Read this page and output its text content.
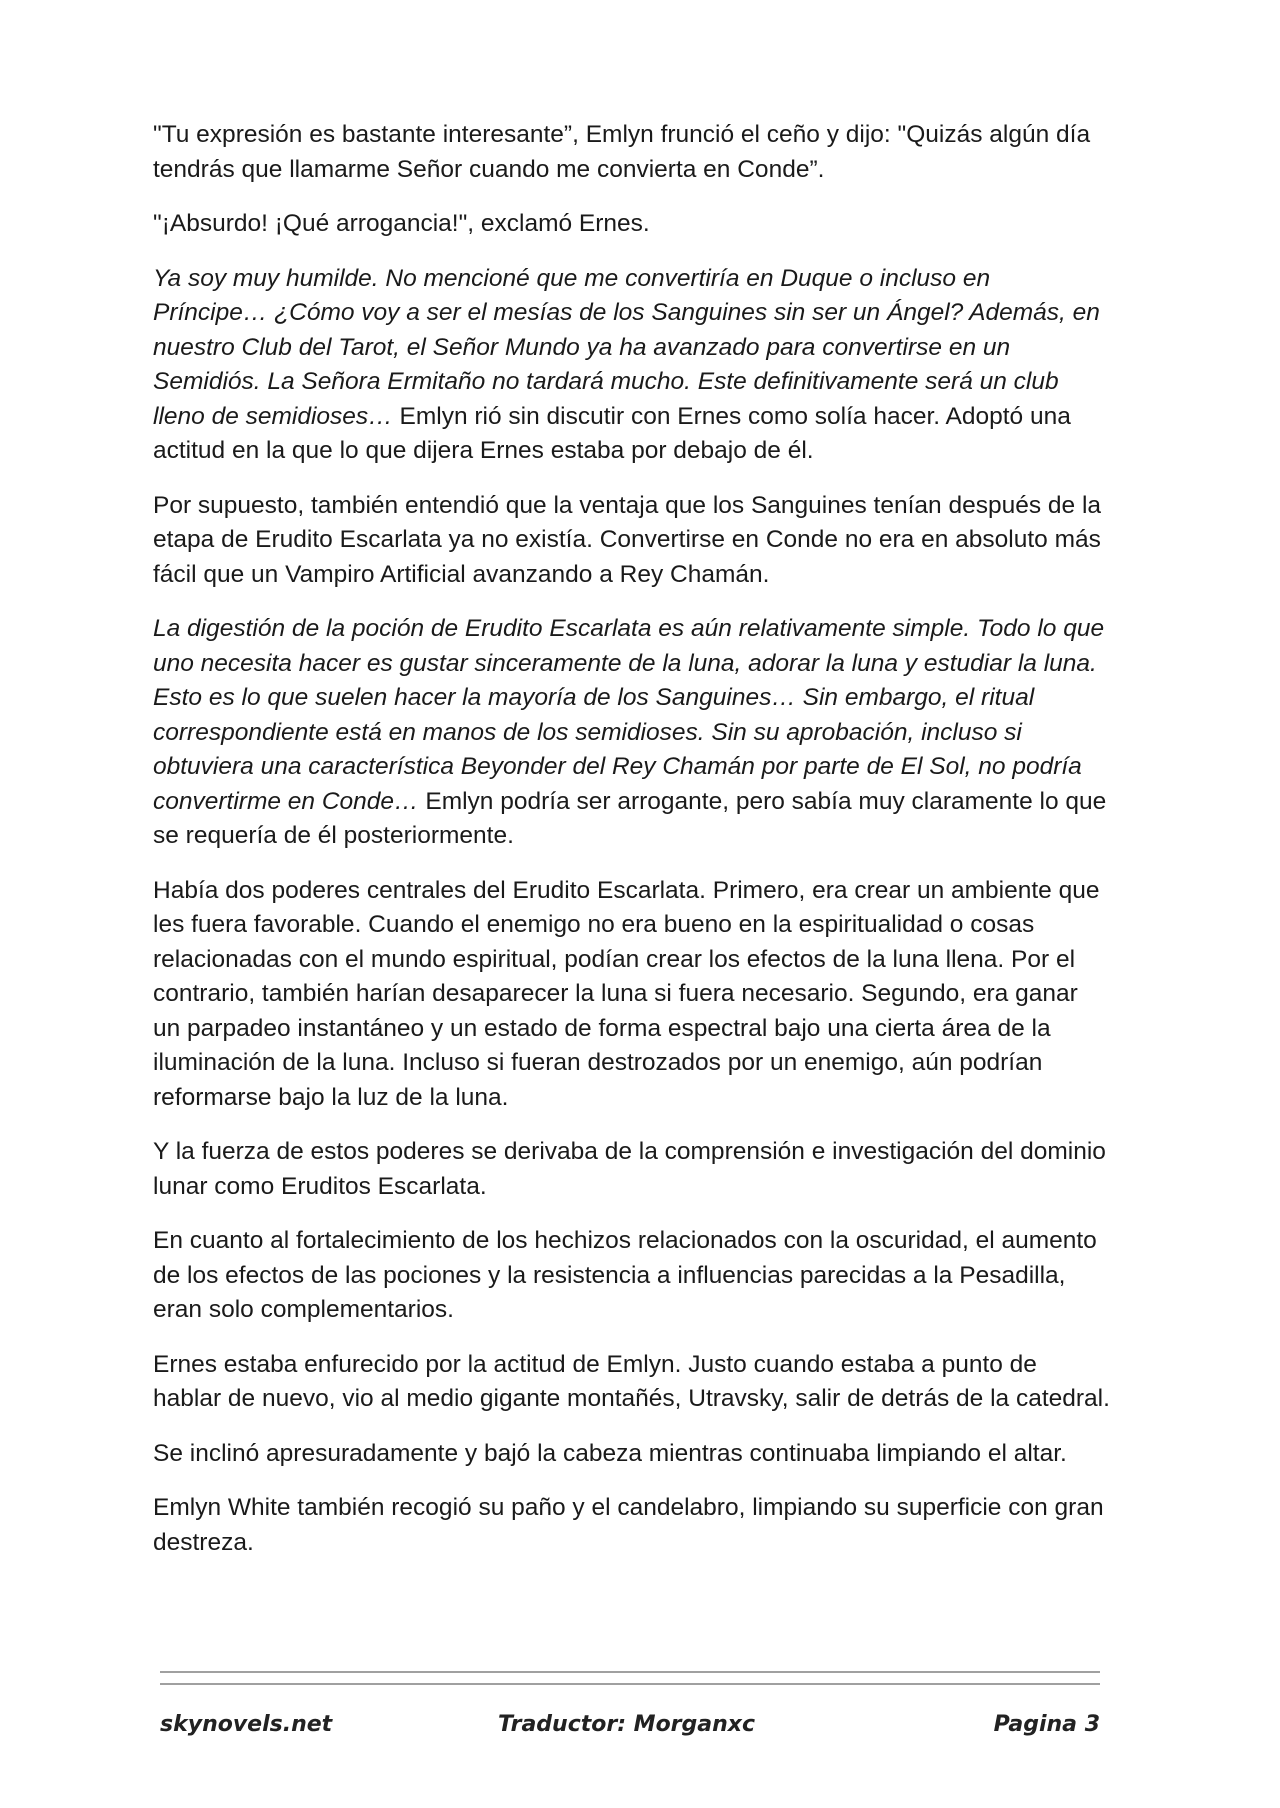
"Tu expresión es bastante interesante”, Emlyn frunció el ceño y dijo: "Quizás algún día tendrás que llamarme Señor cuando me convierta en Conde”.

"¡Absurdo! ¡Qué arrogancia!", exclamó Ernes.

Ya soy muy humilde. No mencioné que me convertiría en Duque o incluso en Príncipe… ¿Cómo voy a ser el mesías de los Sanguines sin ser un Ángel? Además, en nuestro Club del Tarot, el Señor Mundo ya ha avanzado para convertirse en un Semidiós. La Señora Ermitaño no tardará mucho. Este definitivamente será un club lleno de semidioses… Emlyn rió sin discutir con Ernes como solía hacer. Adoptó una actitud en la que lo que dijera Ernes estaba por debajo de él.

Por supuesto, también entendió que la ventaja que los Sanguines tenían después de la etapa de Erudito Escarlata ya no existía. Convertirse en Conde no era en absoluto más fácil que un Vampiro Artificial avanzando a Rey Chamán.

La digestión de la poción de Erudito Escarlata es aún relativamente simple. Todo lo que uno necesita hacer es gustar sinceramente de la luna, adorar la luna y estudiar la luna. Esto es lo que suelen hacer la mayoría de los Sanguines… Sin embargo, el ritual correspondiente está en manos de los semidioses. Sin su aprobación, incluso si obtuviera una característica Beyonder del Rey Chamán por parte de El Sol, no podría convertirme en Conde… Emlyn podría ser arrogante, pero sabía muy claramente lo que se requería de él posteriormente.

Había dos poderes centrales del Erudito Escarlata. Primero, era crear un ambiente que les fuera favorable. Cuando el enemigo no era bueno en la espiritualidad o cosas relacionadas con el mundo espiritual, podían crear los efectos de la luna llena. Por el contrario, también harían desaparecer la luna si fuera necesario. Segundo, era ganar un parpadeo instantáneo y un estado de forma espectral bajo una cierta área de la iluminación de la luna. Incluso si fueran destrozados por un enemigo, aún podrían reformarse bajo la luz de la luna.

Y la fuerza de estos poderes se derivaba de la comprensión e investigación del dominio lunar como Eruditos Escarlata.

En cuanto al fortalecimiento de los hechizos relacionados con la oscuridad, el aumento de los efectos de las pociones y la resistencia a influencias parecidas a la Pesadilla, eran solo complementarios.

Ernes estaba enfurecido por la actitud de Emlyn. Justo cuando estaba a punto de hablar de nuevo, vio al medio gigante montañés, Utravsky, salir de detrás de la catedral.

Se inclinó apresuradamente y bajó la cabeza mientras continuaba limpiando el altar.

Emlyn White también recogió su paño y el candelabro, limpiando su superficie con gran destreza.

skynovels.net	Traductor: Morganxc	Pagina 3
